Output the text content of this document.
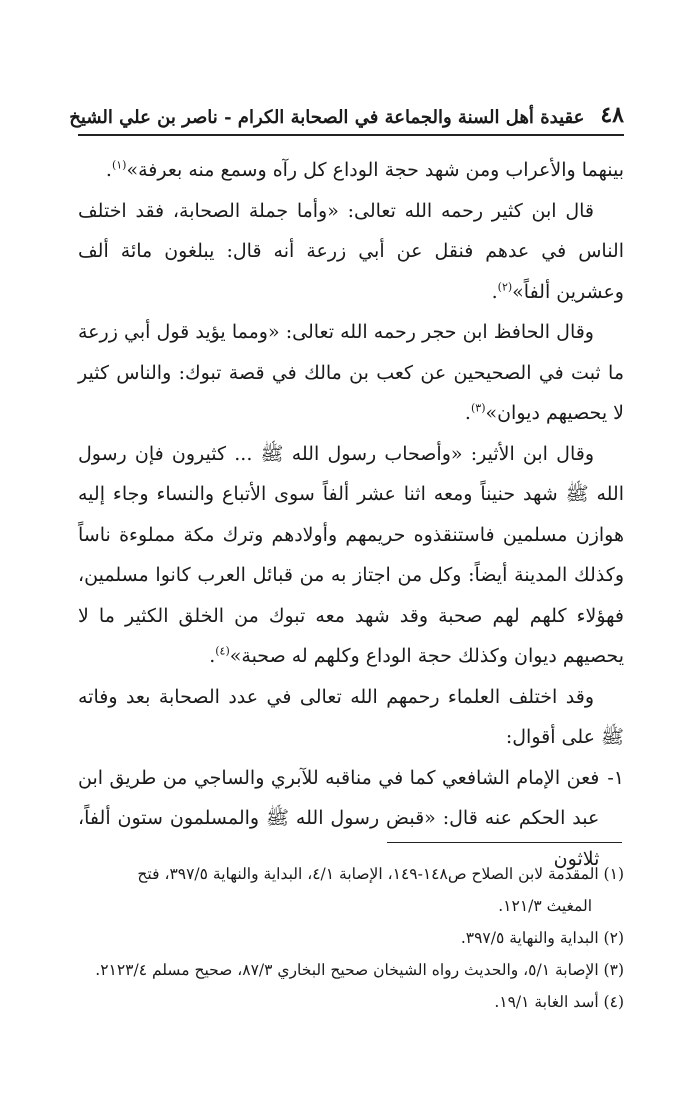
٤٨
عقيدة أهل السنة والجماعة في الصحابة الكرام - ناصر بن علي الشيخ

بينهما والأعراب ومن شهد حجة الوداع كل رآه وسمع منه بعرفة»$^{(١)}$.

قال ابن كثير رحمه الله تعالى: «وأما جملة الصحابة، فقد اختلف الناس في عدهم فنقل عن أبي زرعة أنه قال: يبلغون مائة ألف وعشرين ألفاً»$^{(٢)}$.

وقال الحافظ ابن حجر رحمه الله تعالى: «ومما يؤيد قول أبي زرعة ما ثبت في الصحيحين عن كعب بن مالك في قصة تبوك: والناس كثير لا يحصيهم ديوان»$^{(٣)}$.

وقال ابن الأثير: «وأصحاب رسول الله ﷺ ... كثيرون فإن رسول الله ﷺ شهد حنيناً ومعه اثنا عشر ألفاً سوى الأتباع والنساء وجاء إليه هوازن مسلمين فاستنقذوه حريمهم وأولادهم وترك مكة مملوءة ناساً وكذلك المدينة أيضاً: وكل من اجتاز به من قبائل العرب كانوا مسلمين، فهؤلاء كلهم لهم صحبة وقد شهد معه تبوك من الخلق الكثير ما لا يحصيهم ديوان وكذلك حجة الوداع وكلهم له صحبة»$^{(٤)}$.

وقد اختلف العلماء رحمهم الله تعالى في عدد الصحابة بعد وفاته ﷺ على أقوال:

١-
فعن الإمام الشافعي كما في مناقبه للآبري والساجي من طريق ابن عبد الحكم عنه قال: «قبض رسول الله ﷺ والمسلمون ستون ألفاً، ثلاثون

(١) المقدمة لابن الصلاح ص١٤٨-١٤٩، الإصابة ٤/١، البداية والنهاية ٣٩٧/٥، فتح

المغيث ١٢١/٣.

(٢) البداية والنهاية ٣٩٧/٥.

(٣) الإصابة ٥/١، والحديث رواه الشيخان صحيح البخاري ٨٧/٣، صحيح مسلم ٢١٢٣/٤.

(٤) أسد الغابة ١٩/١.
